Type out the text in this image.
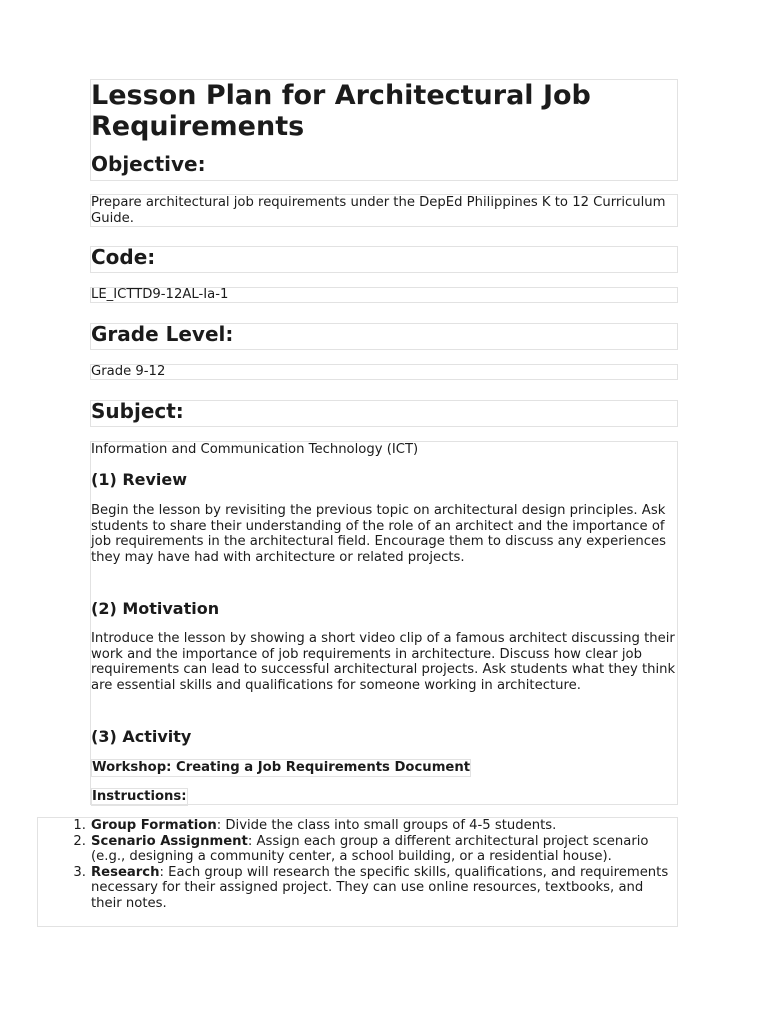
Lesson Plan for Architectural Job Requirements
Objective:

Prepare architectural job requirements under the DepEd Philippines K to 12 Curriculum Guide.

Code:

LE_ICTTD9-12AL-Ia-1

Grade Level:

Grade 9-12

Subject:

Information and Communication Technology (ICT)

(1) Review

Begin the lesson by revisiting the previous topic on architectural design principles. Ask students to share their understanding of the role of an architect and the importance of job requirements in the architectural field. Encourage them to discuss any experiences they may have had with architecture or related projects.

(2) Motivation

Introduce the lesson by showing a short video clip of a famous architect discussing their work and the importance of job requirements in architecture. Discuss how clear job requirements can lead to successful architectural projects. Ask students what they think are essential skills and qualifications for someone working in architecture.

(3) Activity

Workshop: Creating a Job Requirements Document

Instructions:

1. Group Formation: Divide the class into small groups of 4-5 students.
2. Scenario Assignment: Assign each group a different architectural project scenario (e.g., designing a community center, a school building, or a residential house).
3. Research: Each group will research the specific skills, qualifications, and requirements necessary for their assigned project. They can use online resources, textbooks, and their notes.
